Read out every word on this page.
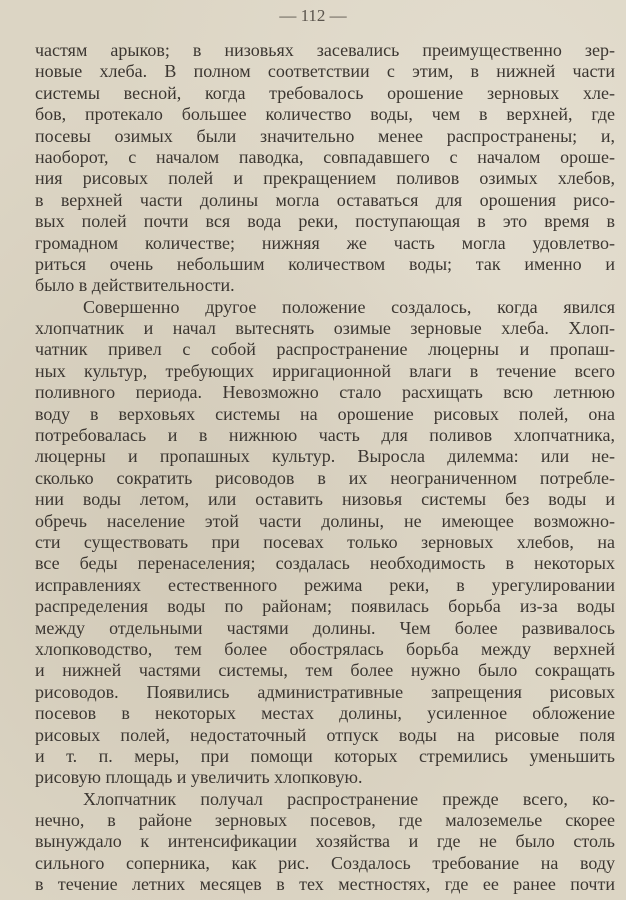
— 112 —
частям арыков; в низовьях засевались преимущественно зер-
новые хлеба. В полном соответствии с этим, в нижней части
системы весной, когда требовалось орошение зерновых хле-
бов, протекало большее количество воды, чем в верхней, где
посевы озимых были значительно менее распространены; и,
наоборот, с началом паводка, совпадавшего с началом ороше-
ния рисовых полей и прекращением поливов озимых хлебов,
в верхней части долины могла оставаться для орошения рисо-
вых полей почти вся вода реки, поступающая в это время в
громадном количестве; нижняя же часть могла удовлетво-
риться очень небольшим количеством воды; так именно и
было в действительности.
Совершенно другое положение создалось, когда явился
хлопчатник и начал вытеснять озимые зерновые хлеба. Хлоп-
чатник привел с собой распространение люцерны и пропаш-
ных культур, требующих ирригационной влаги в течение всего
поливного периода. Невозможно стало расхищать всю летнюю
воду в верховьях системы на орошение рисовых полей, она
потребовалась и в нижнюю часть для поливов хлопчатника,
люцерны и пропашных культур. Выросла дилемма: или не-
сколько сократить рисоводов в их неограниченном потребле-
нии воды летом, или оставить низовья системы без воды и
обречь население этой части долины, не имеющее возможно-
сти существовать при посевах только зерновых хлебов, на
все беды перенаселения; создалась необходимость в некоторых
исправлениях естественного режима реки, в урегулировании
распределения воды по районам; появилась борьба из-за воды
между отдельными частями долины. Чем более развивалось
хлопководство, тем более обострялась борьба между верхней
и нижней частями системы, тем более нужно было сокращать
рисоводов. Появились административные запрещения рисовых
посевов в некоторых местах долины, усиленное обложение
рисовых полей, недостаточный отпуск воды на рисовые поля
и т. п. меры, при помощи которых стремились уменьшить
рисовую площадь и увеличить хлопковую.
Хлопчатник получал распространение прежде всего, ко-
нечно, в районе зерновых посевов, где малоземелье скорее
вынуждало к интенсификации хозяйства и где не было столь
сильного соперника, как рис. Создалось требование на воду
в течение летних месяцев в тех местностях, где ее ранее почти
